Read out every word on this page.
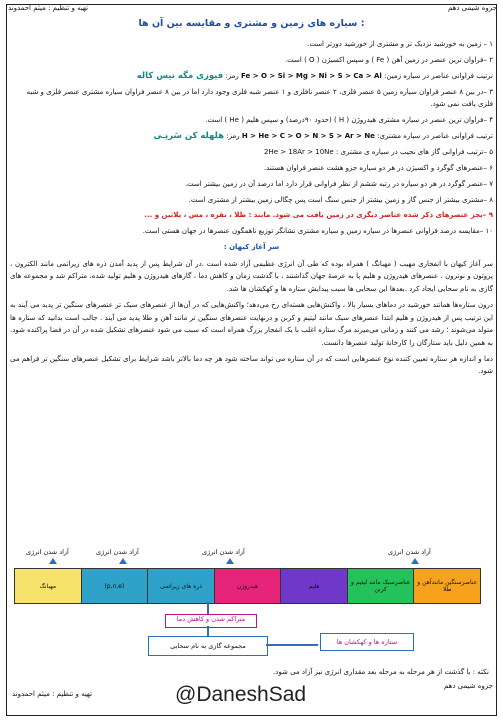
جزوه شیمی دهم
تهیه و تنظیم : میثم احمدوند
سیاره های زمین و مشتری و مقایسه بین آن ها :

۱ – زمین به خورشید نزدیک تر و مشتری از خورشید دورتر است.

۲ –فراوان ترین عنصر در زمین آهن ( Fe ) و سپس اکسیژن ( O ) است.

ترتیب فراوانی عناصر در سیاره زمین: Fe > O > Si > Mg > Ni > S > Ca > Al رمز: فیوزی مگه نیس کاله

۳ –در بین ۸ عنصر فراوان سیاره زمین ۵ عنصر فلزی، ۲ عنصر نافلزی و ۱ عنصر شبه فلزی وجود دارد اما در بین ۸ عنصر فراوان سیاره مشتری عنصر فلزی و شبه فلزی یافت نمی شود.

۴ –فراوان ترین عنصر در سیاره مشتری هیدروژن ( H ) (حدود ۹۰درصد) و سپس هلیم ( He ) است.

ترتیب فراوانی عناصر در سیاره مشتری: H > He > C > O > N > S > Ar > Ne رمز: هلهله کن سَرنِـی

۵ –ترتیب فراوانی گاز های نجیب در سیاره ی مشتری : 2He > 18Ar > 10Ne

۶ –عنصرهای گوگرد و اکسیژن در هر دو سیاره جزو هشت عنصر فراوان هستند.

۷ –عنصر گوگرد در هر دو سیاره در رتبه ششم از نظر فراوانی قرار دارد اما درصد آن در زمین بیشتر است.

۸ –مشتری بیشتر از جنس گاز و زمین بیشتر از جنس سنگ است پس چگالی زمین بیشتر از مشتری است.

۹ –بجز عنصرهای ذکر شده عناصر دیگری در زمین یافت می شود. مانند : طلا ، نقره ، مس ، پلاتین و ...

۱۰ –مقایسه درصد فراوانی عنصرها در سیاره زمین و سیاره مشتری نشانگر توزیع ناهمگون عنصرها در جهان هستی است.

سر آغاز کیهان :

سر آغاز کیهان با انفجاری مهیب ( مهبانگ ) همراه بوده که طی آن انرژی عظیمی آزاد شده است .در آن شرایط پس از پدید آمدن ذره های زیراتمی مانند الکترون ، پروتون و نوترون ، عنصرهای هیدروژن و هلیم پا به عرصهٔ جهان گذاشتند ، با گذشت زمان و کاهش دما ، گازهای هیدروژن و هلیم تولید شده، متراکم شد و مجموعه های گازی به نام سحابی ایجاد کرد .بعدها این سحابی ها سبب پیدایش ستاره ها و کهکشان ها شد.

درون ستاره‌ها همانند خورشید در دماهای بسیار بالا ، واکنش‌هایی هسته‌ای رخ می‌دهد؛ واکنش‌هایی که در آن‌ها از عنصرهای سبک تر عنصرهای سنگین تر پدید می آیند به این ترتیب پس از هیدروژن و هلیم ابتدا عنصرهای سبک مانند لیتیم و کربن و درنهایت عنصرهای سنگین تر مانند آهن و طلا پدید می آیند . جالب است بدانید که ستاره ها متولد می‌شوند ؛ رشد می کنند و زمانی می‌میرند مرگ ستاره اغلب با یک انفجار بزرگ همراه است که سبب می شود عنصرهای تشکیل شده در آن در فضا پراکنده شود. به همین دلیل باید ستارگان را کارخانهٔ تولید عنصرها دانست.

دما و اندازه هر ستاره تعیین کننده نوع عنصرهایی است که در آن ستاره می تواند ساخته شود هر چه دما بالاتر باشد شرایط برای تشکیل عنصرهای سنگین تر فراهم می شود.

آزاد شدن انرژی	آزاد شدن انرژی	آزاد شدن انرژی	آزاد شدن انرژی
مهبانگ	(p,n,e)	ذره های زیراتمی	هیدروژن	هلیم	عناصرسبک مانند لیتیم و کربن
عناصرسنگین مانندآهن و طلا
متراکم شدن و کاهش دما
مجموعه گازی به نام سحابی	ستاره ها و کهکشان ها
نکته : با گذشت از هر مرحله به مرحله بعد مقداری انرژی نیز آزاد می شود.
جزوه شیمی دهم
تهیه و تنظیم : میثم احمدوند	@DaneshSad
